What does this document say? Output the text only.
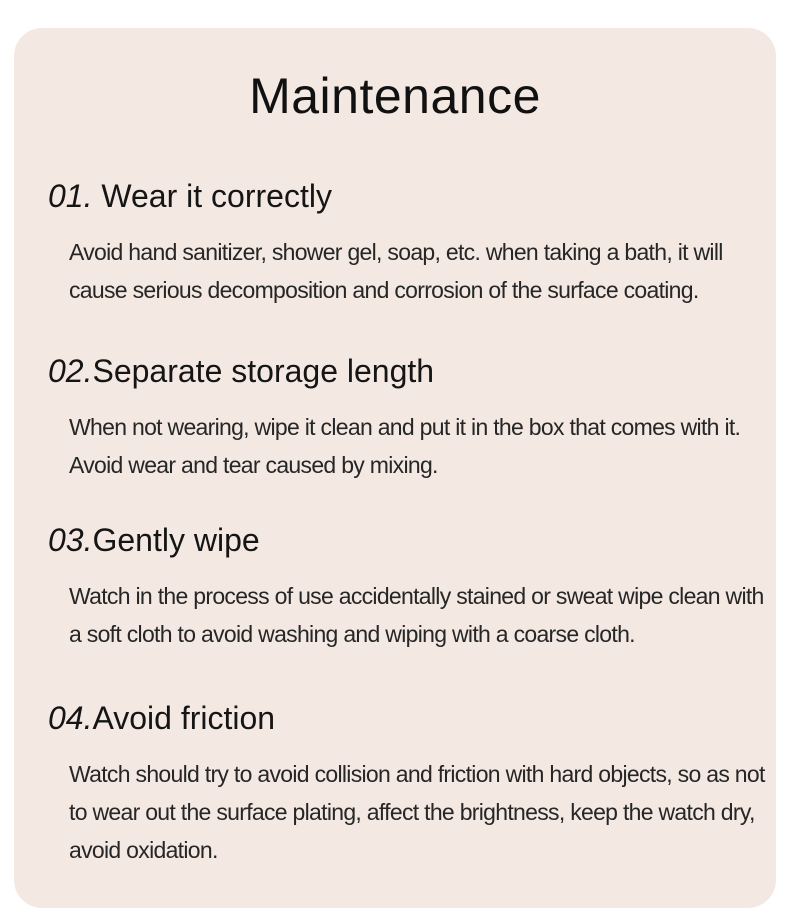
Maintenance
01. Wear it correctly

Avoid hand sanitizer, shower gel, soap, etc. when taking a bath, it will cause serious decomposition and corrosion of the surface coating.

02.Separate storage length

When not wearing, wipe it clean and put it in the box that comes with it. Avoid wear and tear caused by mixing.

03.Gently wipe

Watch in the process of use accidentally stained or sweat wipe clean with a soft cloth to avoid washing and wiping with a coarse cloth.

04.Avoid friction

Watch should try to avoid collision and friction with hard objects, so as not to wear out the surface plating, affect the brightness, keep the watch dry, avoid oxidation.
